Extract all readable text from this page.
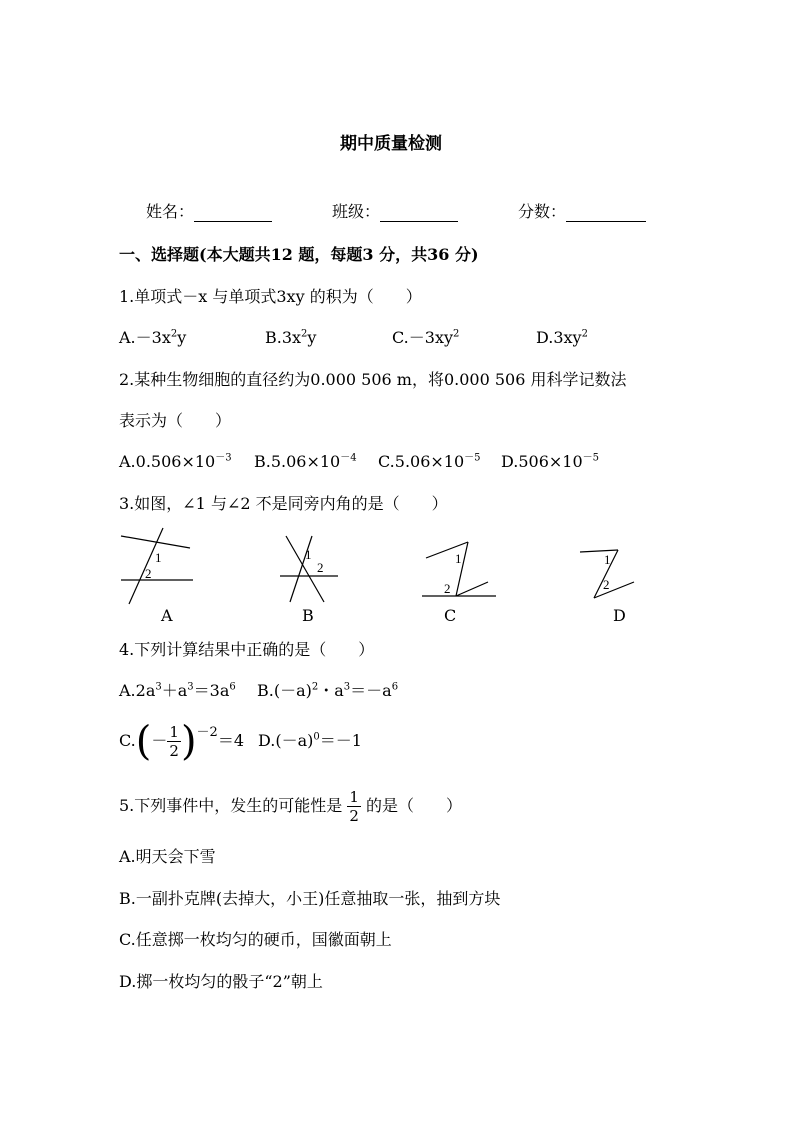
期中质量检测
姓名：	班级：	分数：
一、选择题(本大题共12 题，每题3 分，共36 分)
1.单项式－x 与单项式3xy 的积为（　　）
$A.-3x^2y$	$B.3x^2y$	$C.-3xy^2$	$D.3xy^2$
2.某种生物细胞的直径约为0.000 506 m，将0.000 506 用科学记数法
表示为（　　）
$A.0.506\times 10^{-3}$ $B.5.06\times 10^{-4}$ $C.5.06\times 10^{-5}$ $D.506\times 10^{-5}$
3.如图，∠1 与∠2 不是同旁内角的是（　　）
1
2
A
1
2
B
1
2
C
1
2
D
4.下列计算结果中正确的是（　　）
$A.2a^3+a^3=3a^6$ $B.(-a)^2$・$a^3=-a^6$
$C.(- \frac{1}{2} )^{-2}=4$ $D.(-a)^0=-1$
5.下列事件中，发生的可能性是 $\frac{1}{2}$ 的是（　　）
A.明天会下雪
B.一副扑克牌(去掉大，小王)任意抽取一张，抽到方块
C.任意掷一枚均匀的硬币，国徽面朝上
D.掷一枚均匀的骰子“2”朝上
